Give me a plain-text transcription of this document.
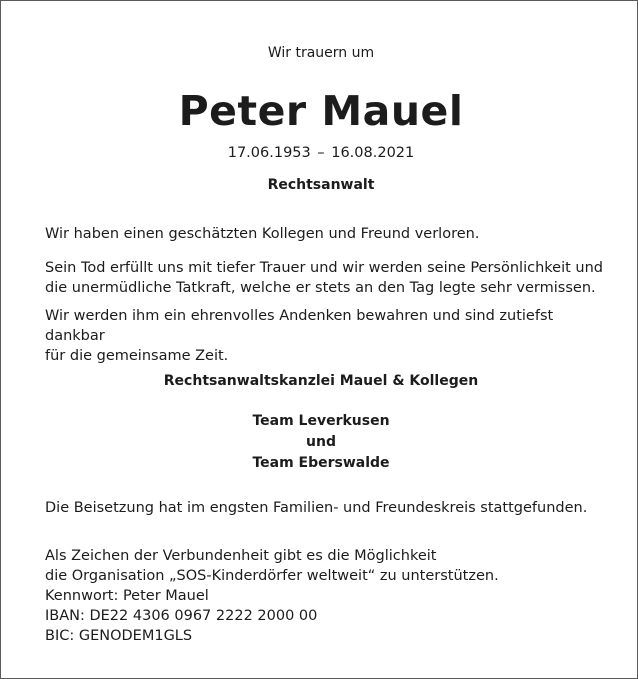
Wir trauern um
Peter Mauel
17.06.1953 – 16.08.2021
Rechtsanwalt

Wir haben einen geschätzten Kollegen und Freund verloren.

Sein Tod erfüllt uns mit tiefer Trauer und wir werden seine Persönlichkeit und
die unermüdliche Tatkraft, welche er stets an den Tag legte sehr vermissen.

Wir werden ihm ein ehrenvolles Andenken bewahren und sind zutiefst dankbar
für die gemeinsame Zeit.

Rechtsanwaltskanzlei Mauel & Kollegen
Team Leverkusen
und
Team Eberswalde

Die Beisetzung hat im engsten Familien- und Freundeskreis stattgefunden.

Als Zeichen der Verbundenheit gibt es die Möglichkeit
die Organisation „SOS-Kinderdörfer weltweit“ zu unterstützen.
Kennwort: Peter Mauel
IBAN: DE22 4306 0967 2222 2000 00
BIC: GENODEM1GLS
